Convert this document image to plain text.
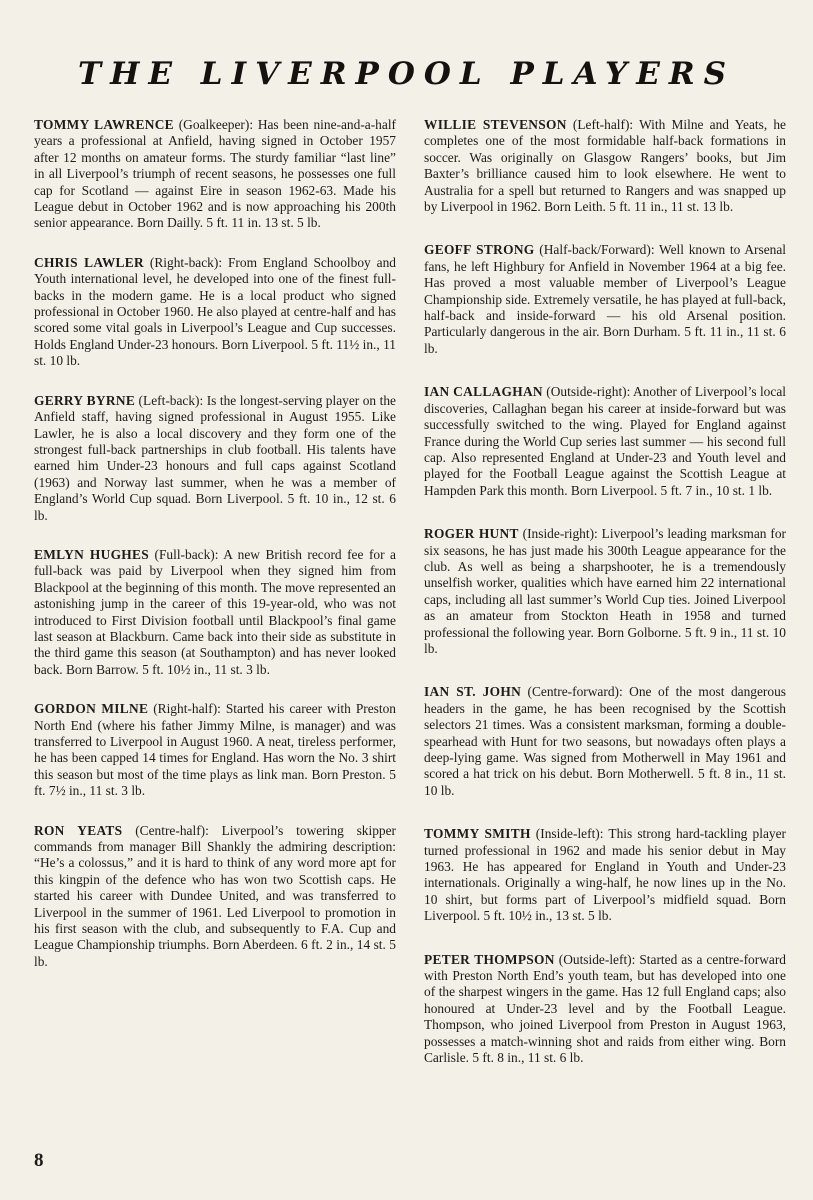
THE LIVERPOOL PLAYERS

TOMMY LAWRENCE (Goalkeeper): Has been nine-and-a-half years a professional at Anfield, having signed in October 1957 after 12 months on amateur forms. The sturdy familiar “last line” in all Liverpool’s triumph of recent seasons, he possesses one full cap for Scotland — against Eire in season 1962-63. Made his League debut in October 1962 and is now approaching his 200th senior appearance. Born Dailly. 5 ft. 11 in. 13 st. 5 lb.

CHRIS LAWLER (Right-back): From England Schoolboy and Youth international level, he developed into one of the finest full-backs in the modern game. He is a local product who signed professional in October 1960. He also played at centre-half and has scored some vital goals in Liverpool’s League and Cup successes. Holds England Under-23 honours. Born Liverpool. 5 ft. 11½ in., 11 st. 10 lb.

GERRY BYRNE (Left-back): Is the longest-serving player on the Anfield staff, having signed professional in August 1955. Like Lawler, he is also a local discovery and they form one of the strongest full-back partnerships in club football. His talents have earned him Under-23 honours and full caps against Scotland (1963) and Norway last summer, when he was a member of England’s World Cup squad. Born Liverpool. 5 ft. 10 in., 12 st. 6 lb.

EMLYN HUGHES (Full-back): A new British record fee for a full-back was paid by Liverpool when they signed him from Blackpool at the beginning of this month. The move represented an astonishing jump in the career of this 19-year-old, who was not introduced to First Division football until Blackpool’s final game last season at Blackburn. Came back into their side as substitute in the third game this season (at Southampton) and has never looked back. Born Barrow. 5 ft. 10½ in., 11 st. 3 lb.

GORDON MILNE (Right-half): Started his career with Preston North End (where his father Jimmy Milne, is manager) and was transferred to Liverpool in August 1960. A neat, tireless performer, he has been capped 14 times for England. Has worn the No. 3 shirt this season but most of the time plays as link man. Born Preston. 5 ft. 7½ in., 11 st. 3 lb.

RON YEATS (Centre-half): Liverpool’s towering skipper commands from manager Bill Shankly the admiring description: “He’s a colossus,” and it is hard to think of any word more apt for this kingpin of the defence who has won two Scottish caps. He started his career with Dundee United, and was transferred to Liverpool in the summer of 1961. Led Liverpool to promotion in his first season with the club, and subsequently to F.A. Cup and League Championship triumphs. Born Aberdeen. 6 ft. 2 in., 14 st. 5 lb.

WILLIE STEVENSON (Left-half): With Milne and Yeats, he completes one of the most formidable half-back formations in soccer. Was originally on Glasgow Rangers’ books, but Jim Baxter’s brilliance caused him to look elsewhere. He went to Australia for a spell but returned to Rangers and was snapped up by Liverpool in 1962. Born Leith. 5 ft. 11 in., 11 st. 13 lb.

GEOFF STRONG (Half-back/Forward): Well known to Arsenal fans, he left Highbury for Anfield in November 1964 at a big fee. Has proved a most valuable member of Liverpool’s League Championship side. Extremely versatile, he has played at full-back, half-back and inside-forward — his old Arsenal position. Particularly dangerous in the air. Born Durham. 5 ft. 11 in., 11 st. 6 lb.

IAN CALLAGHAN (Outside-right): Another of Liverpool’s local discoveries, Callaghan began his career at inside-forward but was successfully switched to the wing. Played for England against France during the World Cup series last summer — his second full cap. Also represented England at Under-23 and Youth level and played for the Football League against the Scottish League at Hampden Park this month. Born Liverpool. 5 ft. 7 in., 10 st. 1 lb.

ROGER HUNT (Inside-right): Liverpool’s leading marksman for six seasons, he has just made his 300th League appearance for the club. As well as being a sharpshooter, he is a tremendously unselfish worker, qualities which have earned him 22 international caps, including all last summer’s World Cup ties. Joined Liverpool as an amateur from Stockton Heath in 1958 and turned professional the following year. Born Golborne. 5 ft. 9 in., 11 st. 10 lb.

IAN ST. JOHN (Centre-forward): One of the most dangerous headers in the game, he has been recognised by the Scottish selectors 21 times. Was a consistent marksman, forming a double-spearhead with Hunt for two seasons, but nowadays often plays a deep-lying game. Was signed from Motherwell in May 1961 and scored a hat trick on his debut. Born Motherwell. 5 ft. 8 in., 11 st. 10 lb.

TOMMY SMITH (Inside-left): This strong hard-tackling player turned professional in 1962 and made his senior debut in May 1963. He has appeared for England in Youth and Under-23 internationals. Originally a wing-half, he now lines up in the No. 10 shirt, but forms part of Liverpool’s midfield squad. Born Liverpool. 5 ft. 10½ in., 13 st. 5 lb.

PETER THOMPSON (Outside-left): Started as a centre-forward with Preston North End’s youth team, but has developed into one of the sharpest wingers in the game. Has 12 full England caps; also honoured at Under-23 level and by the Football League. Thompson, who joined Liverpool from Preston in August 1963, possesses a match-winning shot and raids from either wing. Born Carlisle. 5 ft. 8 in., 11 st. 6 lb.

8
